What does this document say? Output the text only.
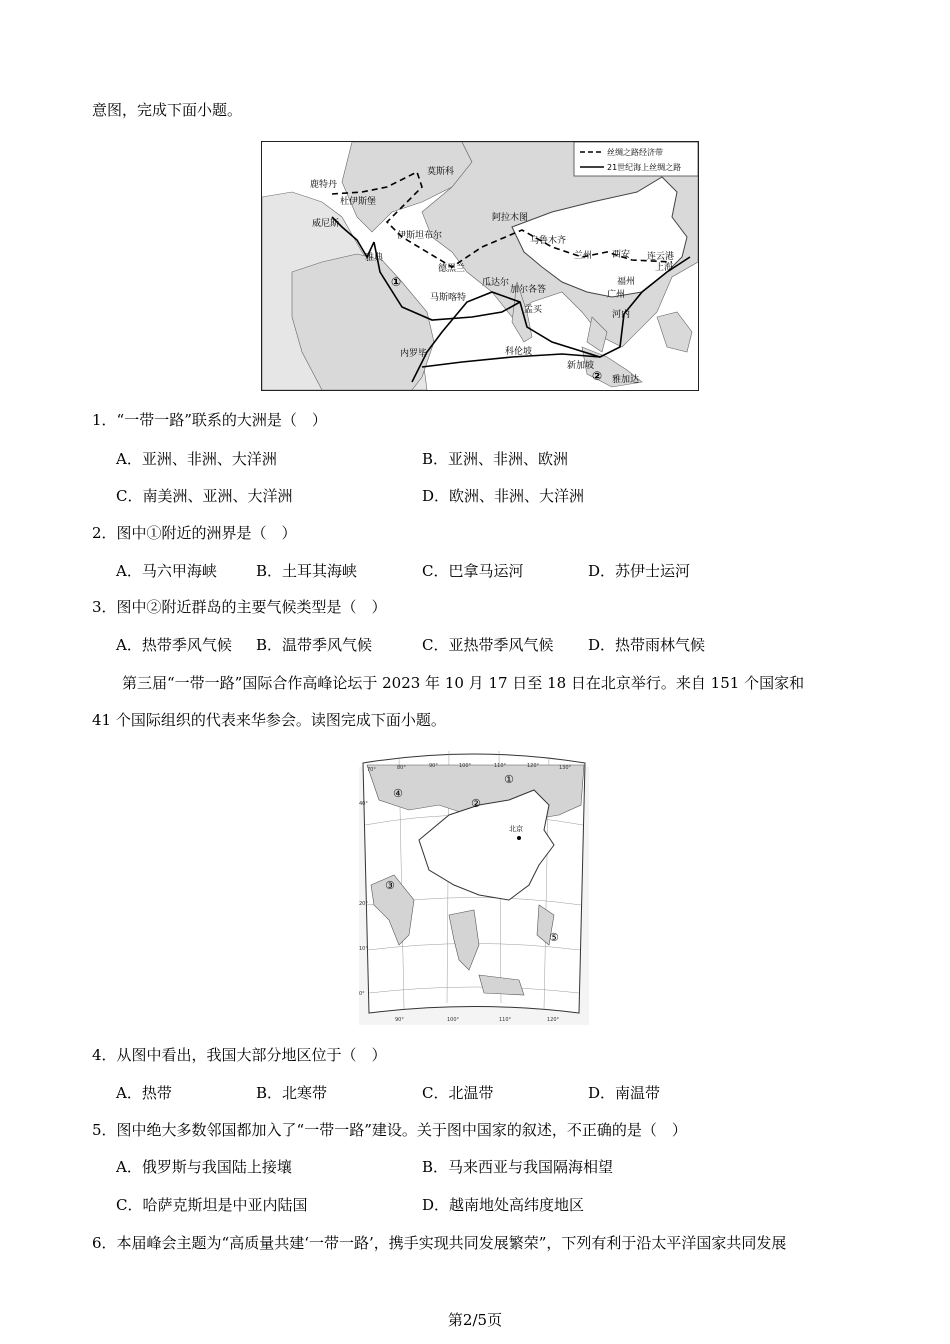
意图，完成下面小题。
丝绸之路经济带
21世纪海上丝绸之路
鹿特丹
杜伊斯堡
莫斯科
威尼斯
伊斯坦布尔
阿拉木图
乌鲁木齐
雅典
德黑兰
兰州 西安 连云港
上海
瓜达尔
马斯喀特
加尔各答
孟买
福州
广州
河内
科伦坡
内罗毕
新加坡
雅加达
①
②
1．“一带一路”联系的大洲是（　）
A．亚洲、非洲、大洋洲	B．亚洲、非洲、欧洲
C．南美洲、亚洲、大洋洲	D．欧洲、非洲、大洋洲
2．图中①附近的洲界是（　）
A．马六甲海峡	B．土耳其海峡	C．巴拿马运河	D．苏伊士运河
3．图中②附近群岛的主要气候类型是（　）
A．热带季风气候 B．温带季风气候	C．亚热带季风气候 D．热带雨林气候
第三届“一带一路”国际合作高峰论坛于 2023 年 10 月 17 日至 18 日在北京举行。来自 151 个国家和
41 个国际组织的代表来华参会。读图完成下面小题。
北京
①
②
③
④
⑤
70°	80°	90°	100°	110°	120°	130°
90°	100°	110°	120°
40°
20°
10°
0°
4．从图中看出，我国大部分地区位于（　）
A．热带	B．北寒带	C．北温带	D．南温带
5．图中绝大多数邻国都加入了“一带一路”建设。关于图中国家的叙述，不正确的是（　）
A．俄罗斯与我国陆上接壤	B．马来西亚与我国隔海相望
C．哈萨克斯坦是中亚内陆国	D．越南地处高纬度地区
6．本届峰会主题为“高质量共建‘一带一路’，携手实现共同发展繁荣”，下列有利于沿太平洋国家共同发展
第2/5页
